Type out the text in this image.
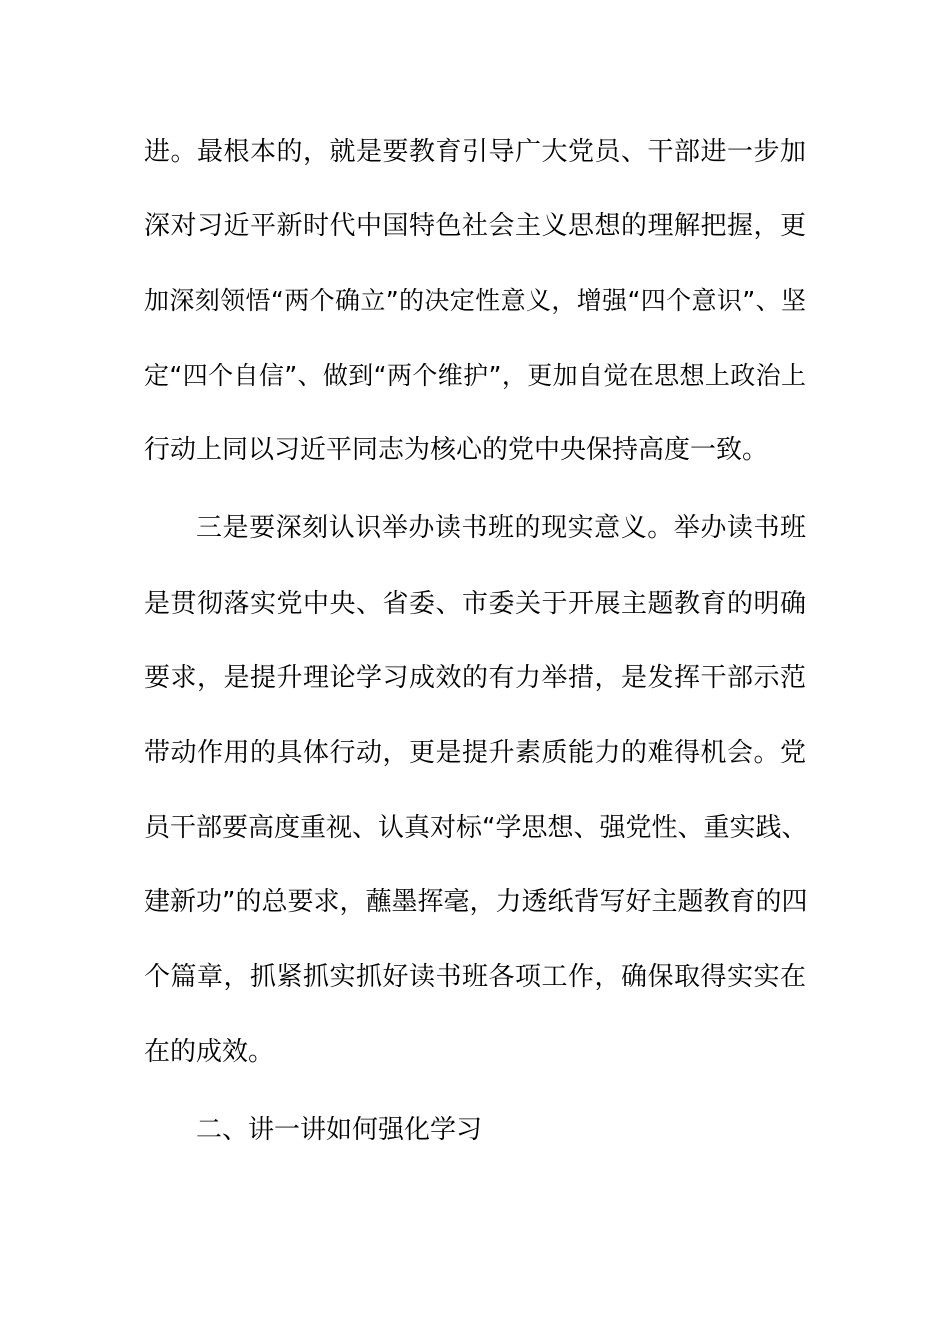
进。最根本的，就是要教育引导广大党员、干部进一步加
深对习近平新时代中国特色社会主义思想的理解把握，更
加深刻领悟“两个确立”的决定性意义，增强“四个意识”、坚
定“四个自信”、做到“两个维护”，更加自觉在思想上政治上
行动上同以习近平同志为核心的党中央保持高度一致。
三是要深刻认识举办读书班的现实意义。举办读书班
是贯彻落实党中央、省委、市委关于开展主题教育的明确
要求，是提升理论学习成效的有力举措，是发挥干部示范
带动作用的具体行动，更是提升素质能力的难得机会。党
员干部要高度重视、认真对标“学思想、强党性、重实践、
建新功”的总要求，蘸墨挥毫，力透纸背写好主题教育的四
个篇章，抓紧抓实抓好读书班各项工作，确保取得实实在
在的成效。
二、讲一讲如何强化学习
